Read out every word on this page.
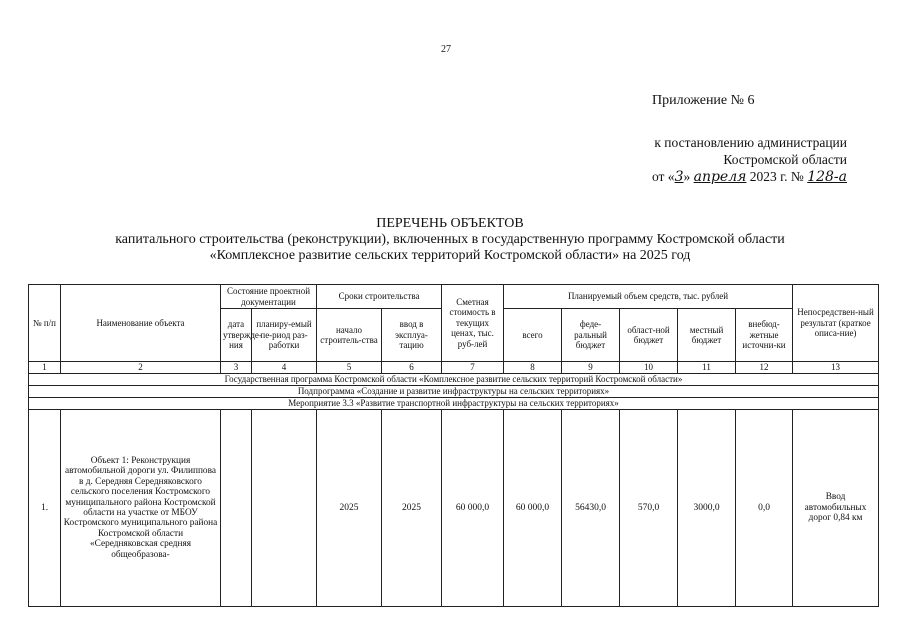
27
Приложение № 6
к постановлению администрации
Костромской области
от «3» апреля 2023 г. № 128-а
ПЕРЕЧЕНЬ ОБЪЕКТОВ
капитального строительства (реконструкции), включенных в государственную программу Костромской области
«Комплексное развитие сельских территорий Костромской области» на 2025 год
№ п/п	Наименование объекта	Состояние проектной документации		Сроки строительства		Сметная стоимость в текущих ценах, тыс. руб-лей	Планируемый объем средств, тыс. рублей					Непосредствен-ный результат (краткое описа-ние)
		дата утвержде-ния	планиру-емый пе-риод раз-работки	начало строитель-ства	ввод в эксплуа-тацию		всего	феде-ральный бюджет	област-ной бюджет	местный бюджет	внебюд-жетные источни-ки	
1	2	3	4	5	6	7	8	9	10	11	12	13
Государственная программа Костромской области «Комплексное развитие сельских территорий Костромской области»												
Подпрограмма «Создание и развитие инфраструктуры на сельских территориях»												
Мероприятие 3.3 «Развитие транспортной инфраструктуры на сельских территориях»												
1.	Объект 1: Реконструкция автомобильной дороги ул. Филиппова в д. Середняя Середняковского сельского поселения Костромского муниципального района Костромской области на участке от МБОУ Костромского муниципального района Костромской области «Середняковская средняя общеобразова-			2025	2025	60 000,0	60 000,0	56430,0	570,0	3000,0	0,0	Ввод автомобильных дорог 0,84 км
